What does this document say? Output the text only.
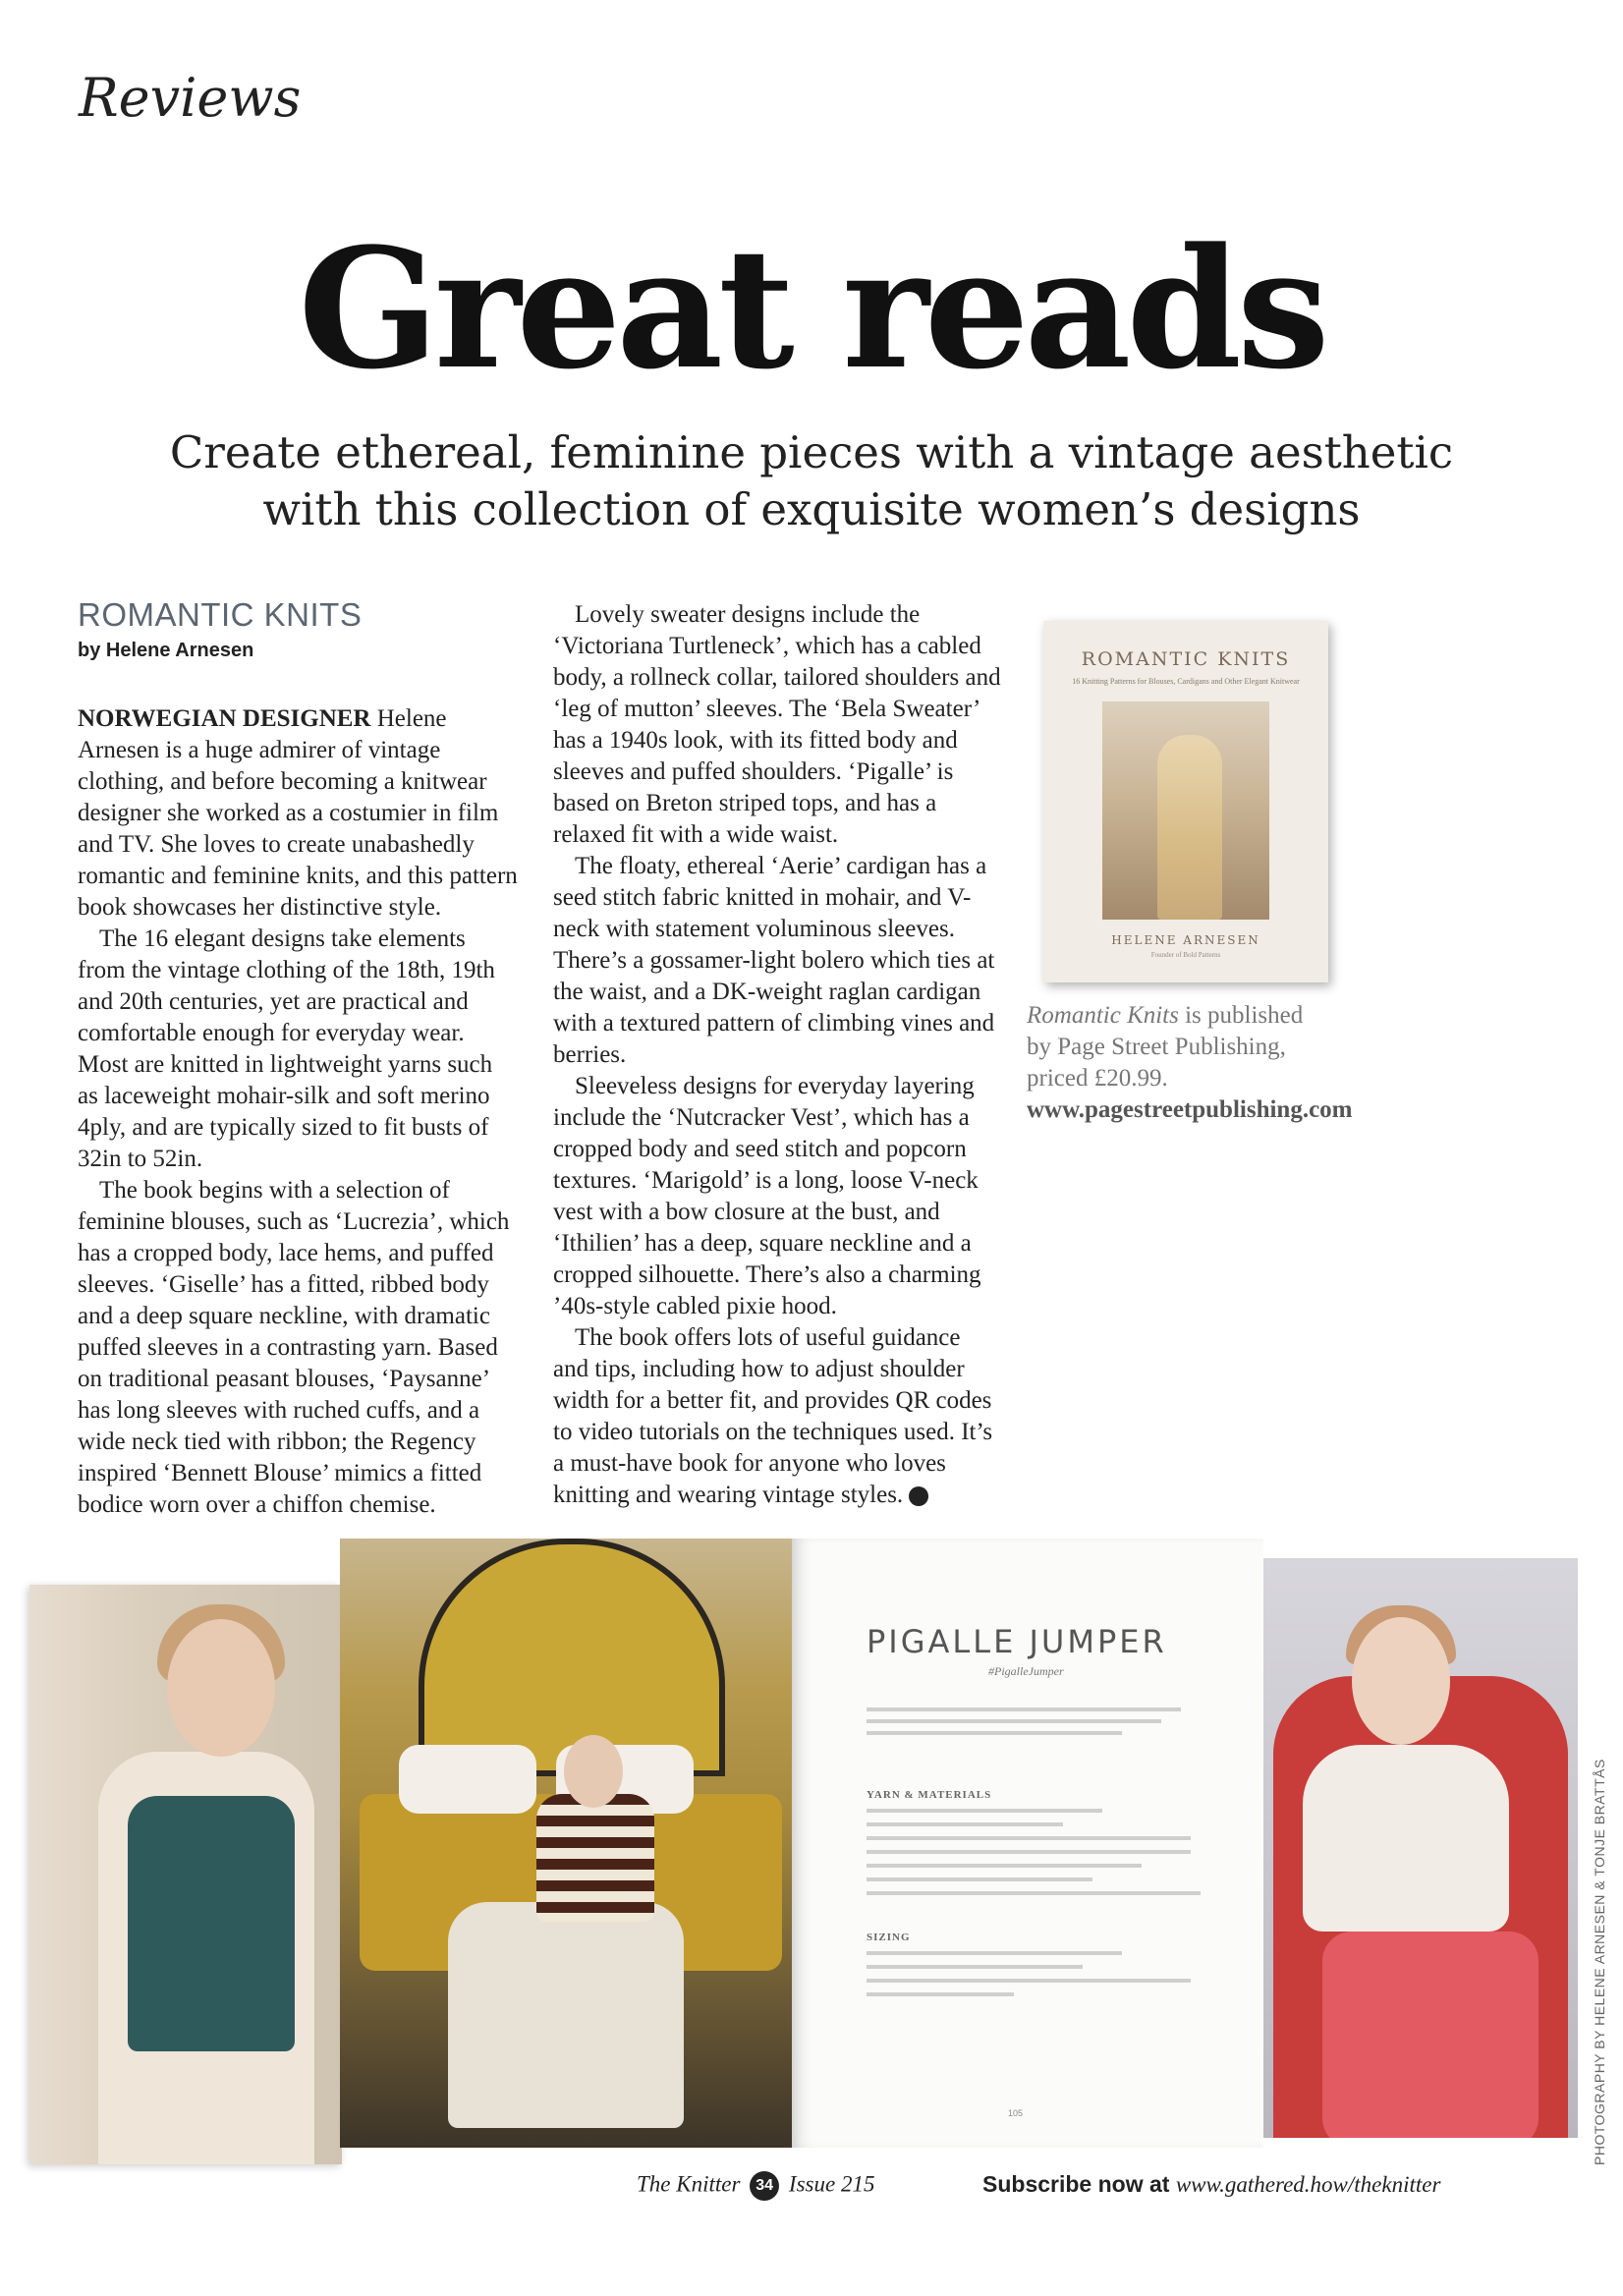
Reviews
Great reads
Create ethereal, feminine pieces with a vintage aesthetic
with this collection of exquisite women’s designs
ROMANTIC KNITS
by Helene Arnesen

NORWEGIAN DESIGNER Helene Arnesen is a huge admirer of vintage clothing, and before becoming a knitwear designer she worked as a costumier in film and TV. She loves to create unabashedly romantic and feminine knits, and this pattern book showcases her distinctive style.

The 16 elegant designs take elements from the vintage clothing of the 18th, 19th and 20th centuries, yet are practical and comfortable enough for everyday wear. Most are knitted in lightweight yarns such as laceweight mohair-silk and soft merino 4ply, and are typically sized to fit busts of 32in to 52in.

The book begins with a selection of feminine blouses, such as ‘Lucrezia’, which has a cropped body, lace hems, and puffed sleeves. ‘Giselle’ has a fitted, ribbed body and a deep square neckline, with dramatic puffed sleeves in a contrasting yarn. Based on traditional peasant blouses, ‘Paysanne’ has long sleeves with ruched cuffs, and a wide neck tied with ribbon; the Regency inspired ‘Bennett Blouse’ mimics a fitted bodice worn over a chiffon chemise.

Lovely sweater designs include the ‘Victoriana Turtleneck’, which has a cabled body, a rollneck collar, tailored shoulders and ‘leg of mutton’ sleeves. The ‘Bela Sweater’ has a 1940s look, with its fitted body and sleeves and puffed shoulders. ‘Pigalle’ is based on Breton striped tops, and has a relaxed fit with a wide waist.

The floaty, ethereal ‘Aerie’ cardigan has a seed stitch fabric knitted in mohair, and V-neck with statement voluminous sleeves. There’s a gossamer-light bolero which ties at the waist, and a DK-weight raglan cardigan with a textured pattern of climbing vines and berries.

Sleeveless designs for everyday layering include the ‘Nutcracker Vest’, which has a cropped body and seed stitch and popcorn textures. ‘Marigold’ is a long, loose V-neck vest with a bow closure at the bust, and ‘Ithilien’ has a deep, square neckline and a cropped silhouette. There’s also a charming ’40s-style cabled pixie hood.

The book offers lots of useful guidance and tips, including how to adjust shoulder width for a better fit, and provides QR codes to video tutorials on the techniques used. It’s a must-have book for anyone who loves knitting and wearing vintage styles. ⊞

ROMANTIC KNITS
16 Knitting Patterns for Blouses, Cardigans and Other Elegant Knitwear
HELENE ARNESEN
Founder of Bold Patterns
Romantic Knits is published
by Page Street Publishing,
priced £20.99.
www.pagestreetpublishing.com
PIGALLE JUMPER
#PigalleJumper
YARN & MATERIALS
SIZING
105	PHOTOGRAPHY BY HELENE ARNESEN & TONJE BRATTÅS
The Knitter 34 Issue 215	Subscribe now at www.gathered.how/theknitter
